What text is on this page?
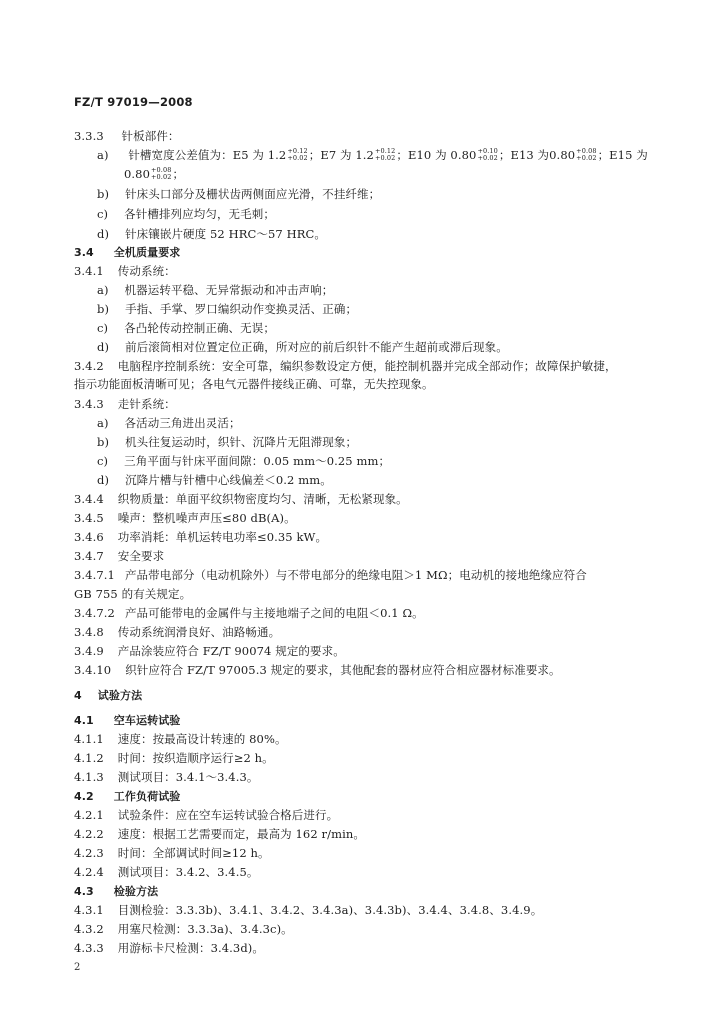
FZ/T 97019—2008
3.3.3 针板部件：
a) 针槽宽度公差值为：E5 为 1.2 +0.12
+0.02 ；E7 为 1.2 +0.12
+0.02 ；E10 为 0.80 +0.10
+0.02 ；E13 为0.80 +0.08
+0.02 ；E15 为
0.80 +0.08
+0.02 ；
b) 针床头口部分及栅状齿两侧面应光滑，不挂纤维；
c) 各针槽排列应均匀，无毛刺；
d) 针床镶嵌片硬度 52 HRC～57 HRC。
3.4 全机质量要求
3.4.1 传动系统：
a) 机器运转平稳、无异常振动和冲击声响；
b) 手指、手掌、罗口编织动作变换灵活、正确；
c) 各凸轮传动控制正确、无误；
d) 前后滚筒相对位置定位正确，所对应的前后织针不能产生超前或滞后现象。
3.4.2 电脑程序控制系统：安全可靠，编织参数设定方便，能控制机器并完成全部动作；故障保护敏捷，
指示功能面板清晰可见；各电气元器件接线正确、可靠，无失控现象。
3.4.3 走针系统：
a) 各活动三角进出灵活；
b) 机头往复运动时，织针、沉降片无阻滞现象；
c) 三角平面与针床平面间隙：0.05 mm～0.25 mm；
d) 沉降片槽与针槽中心线偏差＜0.2 mm。
3.4.4 织物质量：单面平纹织物密度均匀、清晰，无松紧现象。
3.4.5 噪声：整机噪声声压≤80 dB(A)。
3.4.6 功率消耗：单机运转电功率≤0.35 kW。
3.4.7 安全要求
3.4.7.1 产品带电部分（电动机除外）与不带电部分的绝缘电阻＞1 MΩ；电动机的接地绝缘应符合
GB 755 的有关规定。
3.4.7.2 产品可能带电的金属件与主接地端子之间的电阻＜0.1 Ω。
3.4.8 传动系统润滑良好、油路畅通。
3.4.9 产品涂装应符合 FZ/T 90074 规定的要求。
3.4.10 织针应符合 FZ/T 97005.3 规定的要求，其他配套的器材应符合相应器材标准要求。
4 试验方法
4.1 空车运转试验
4.1.1 速度：按最高设计转速的 80%。
4.1.2 时间：按织造顺序运行≥2 h。
4.1.3 测试项目：3.4.1～3.4.3。
4.2 工作负荷试验
4.2.1 试验条件：应在空车运转试验合格后进行。
4.2.2 速度：根据工艺需要而定，最高为 162 r/min。
4.2.3 时间：全部调试时间≥12 h。
4.2.4 测试项目：3.4.2、3.4.5。
4.3 检验方法
4.3.1 目测检验：3.3.3b)、3.4.1、3.4.2、3.4.3a)、3.4.3b)、3.4.4、3.4.8、3.4.9。
4.3.2 用塞尺检测：3.3.3a)、3.4.3c)。
4.3.3 用游标卡尺检测：3.4.3d)。
2
